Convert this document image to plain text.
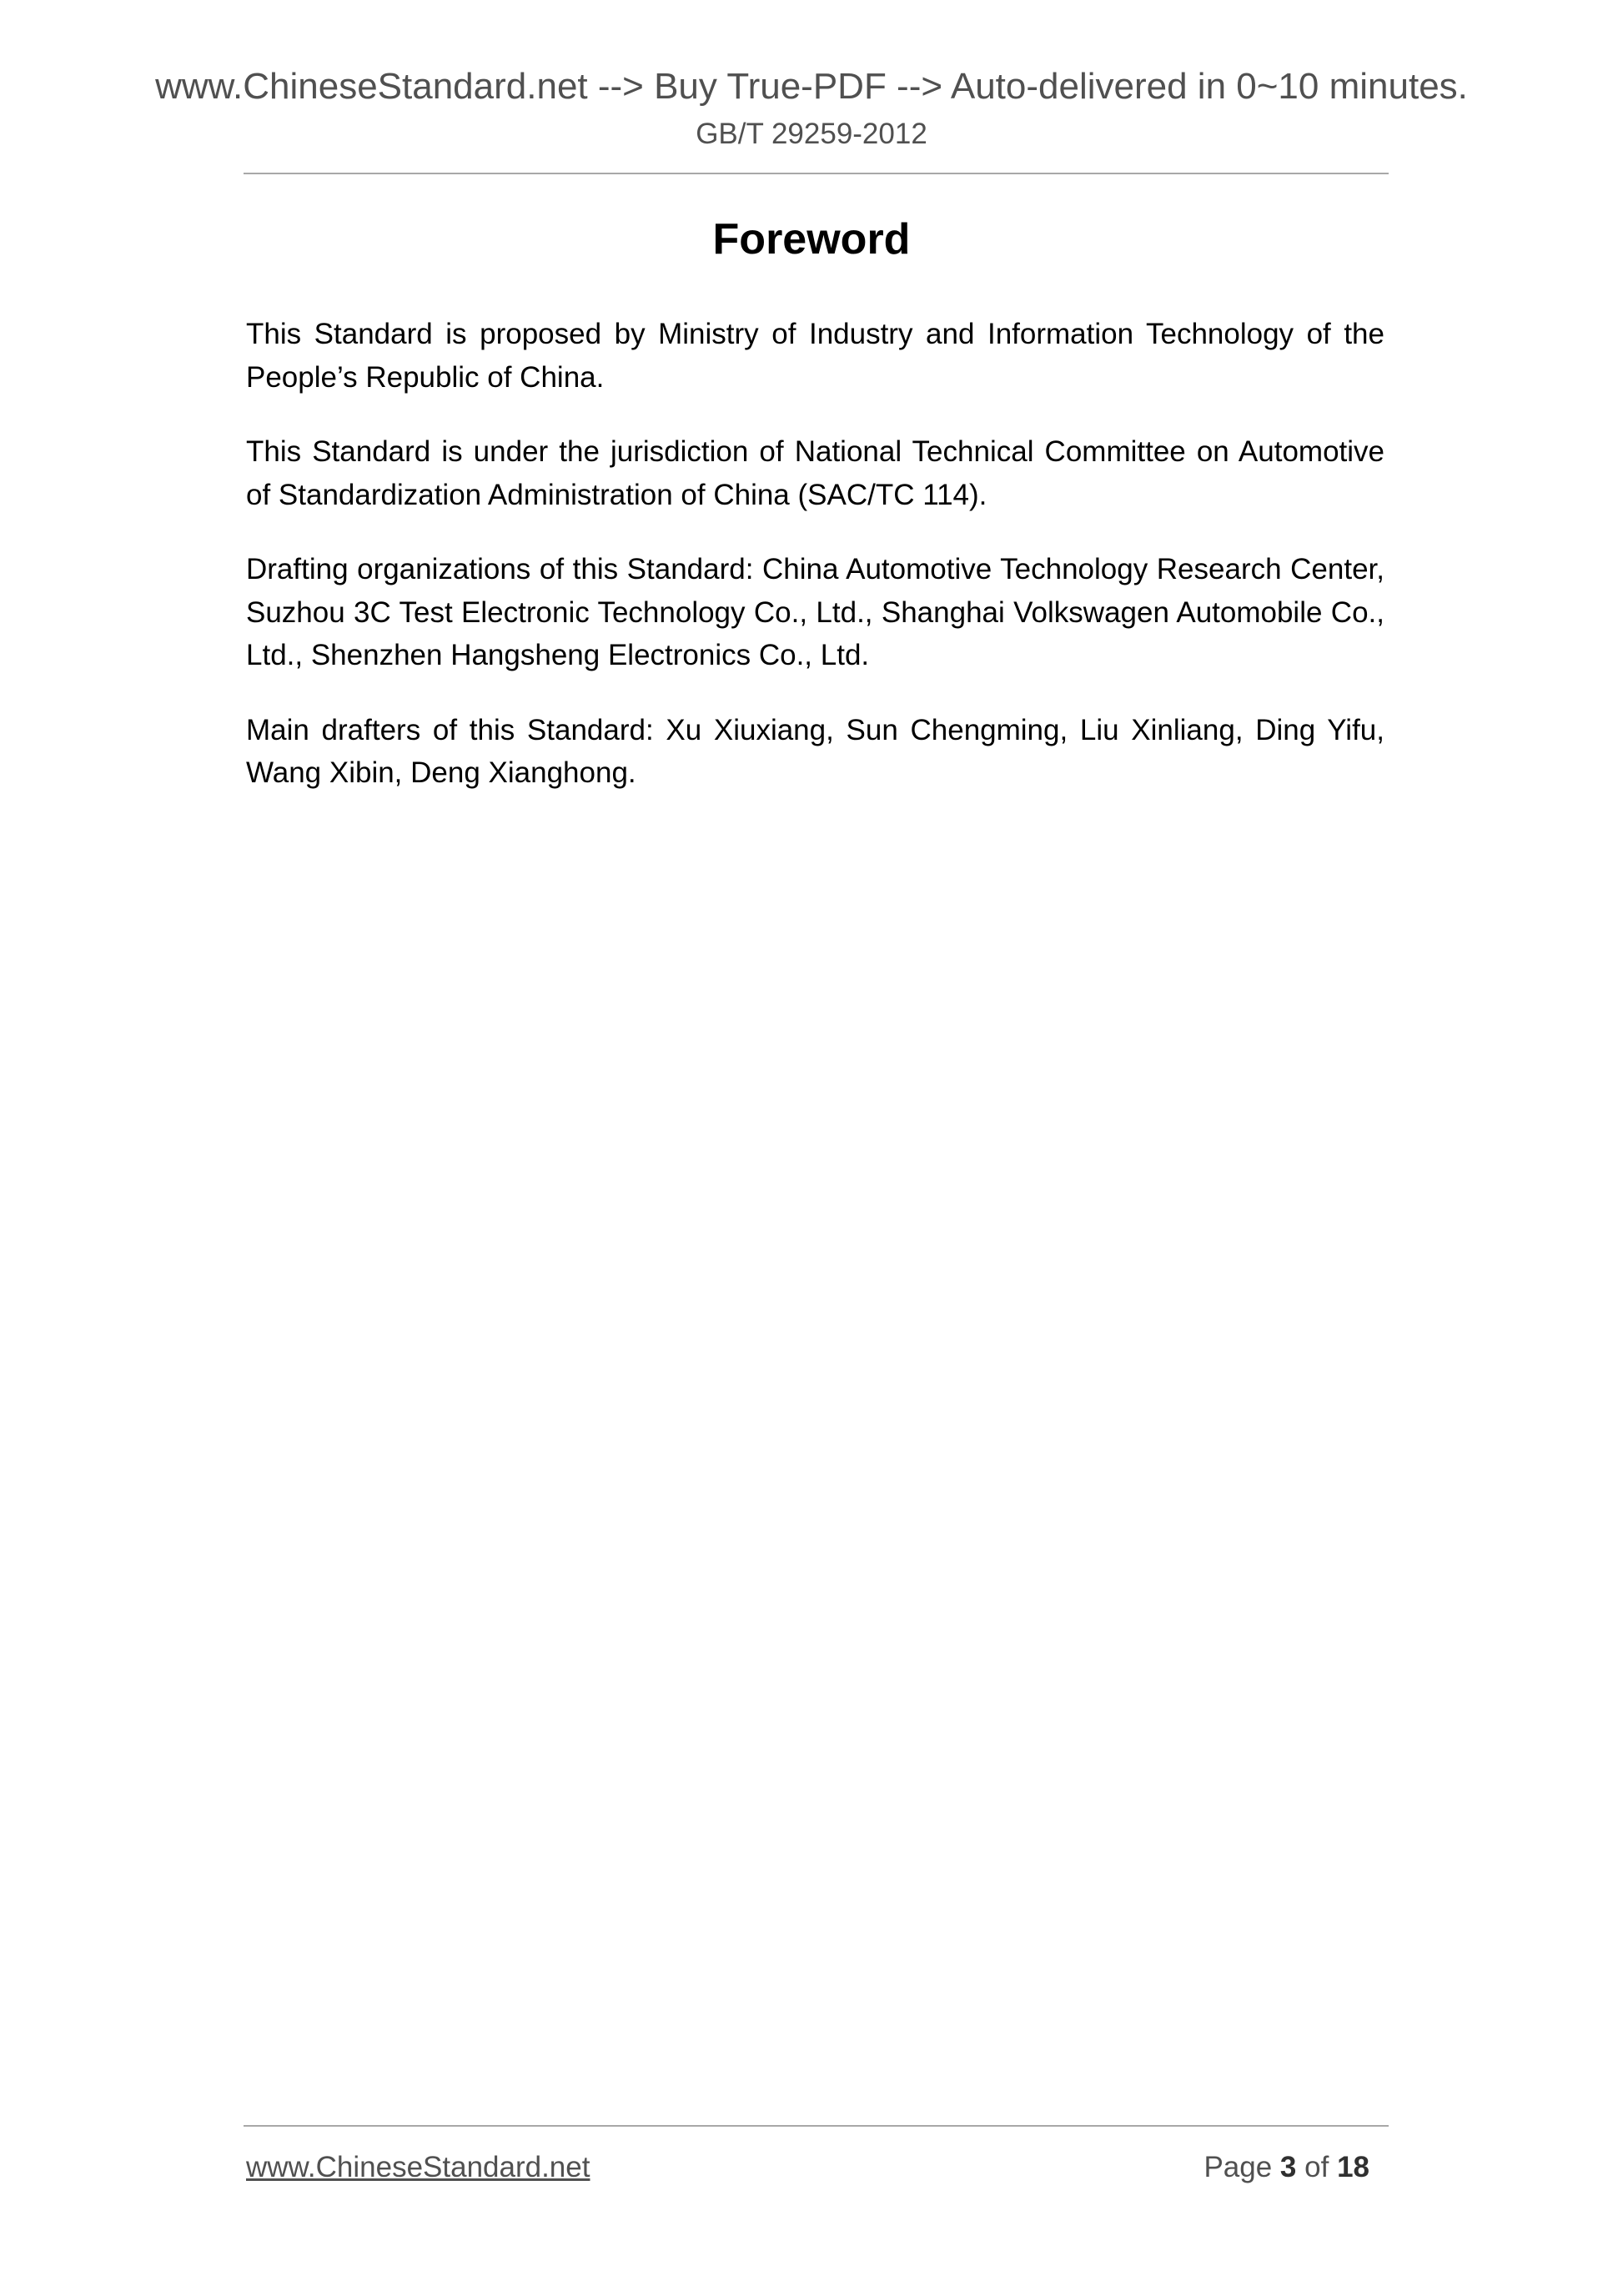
www.ChineseStandard.net --> Buy True-PDF --> Auto-delivered in 0~10 minutes.
GB/T 29259-2012
Foreword

This Standard is proposed by Ministry of Industry and Information Technology of the People’s Republic of China.

This Standard is under the jurisdiction of National Technical Committee on Automotive of Standardization Administration of China (SAC/TC 114).

Drafting organizations of this Standard: China Automotive Technology Research Center, Suzhou 3C Test Electronic Technology Co., Ltd., Shanghai Volkswagen Automobile Co., Ltd., Shenzhen Hangsheng Electronics Co., Ltd.

Main drafters of this Standard: Xu Xiuxiang, Sun Chengming, Liu Xinliang, Ding Yifu, Wang Xibin, Deng Xianghong.

www.ChineseStandard.net	Page 3 of 18
